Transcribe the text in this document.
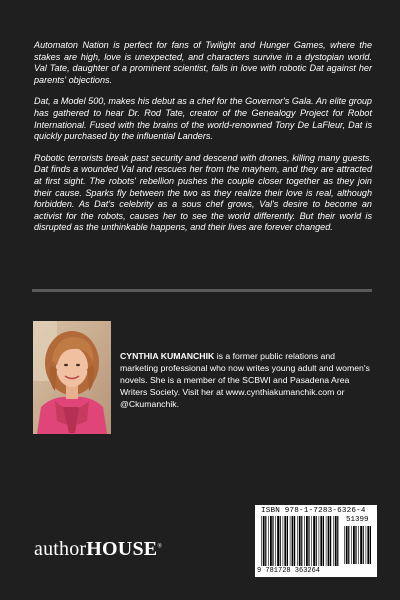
Automaton Nation is perfect for fans of Twilight and Hunger Games, where the stakes are high, love is unexpected, and characters survive in a dystopian world. Val Tate, daughter of a prominent scientist, falls in love with robotic Dat against her parents' objections.

Dat, a Model 500, makes his debut as a chef for the Governor's Gala. An elite group has gathered to hear Dr. Rod Tate, creator of the Genealogy Project for Robot International. Fused with the brains of the world-renowned Tony De LaFleur, Dat is quickly purchased by the influential Landers.

Robotic terrorists break past security and descend with drones, killing many guests. Dat finds a wounded Val and rescues her from the mayhem, and they are attracted at first sight. The robots' rebellion pushes the couple closer together as they join their cause. Sparks fly between the two as they realize their love is real, although forbidden. As Dat's celebrity as a sous chef grows, Val's desire to become an activist for the robots, causes her to see the world differently. But their world is disrupted as the unthinkable happens, and their lives are forever changed.

CYNTHIA KUMANCHIK is a former public relations and marketing professional who now writes young adult and women's novels. She is a member of the SCBWI and Pasadena Area Writers Society. Visit her at www.cynthiakumanchik.com or @Ckumanchik.
authorHOUSE®
ISBN 978-1-7283-6326-4
51399
9 781728 363264
